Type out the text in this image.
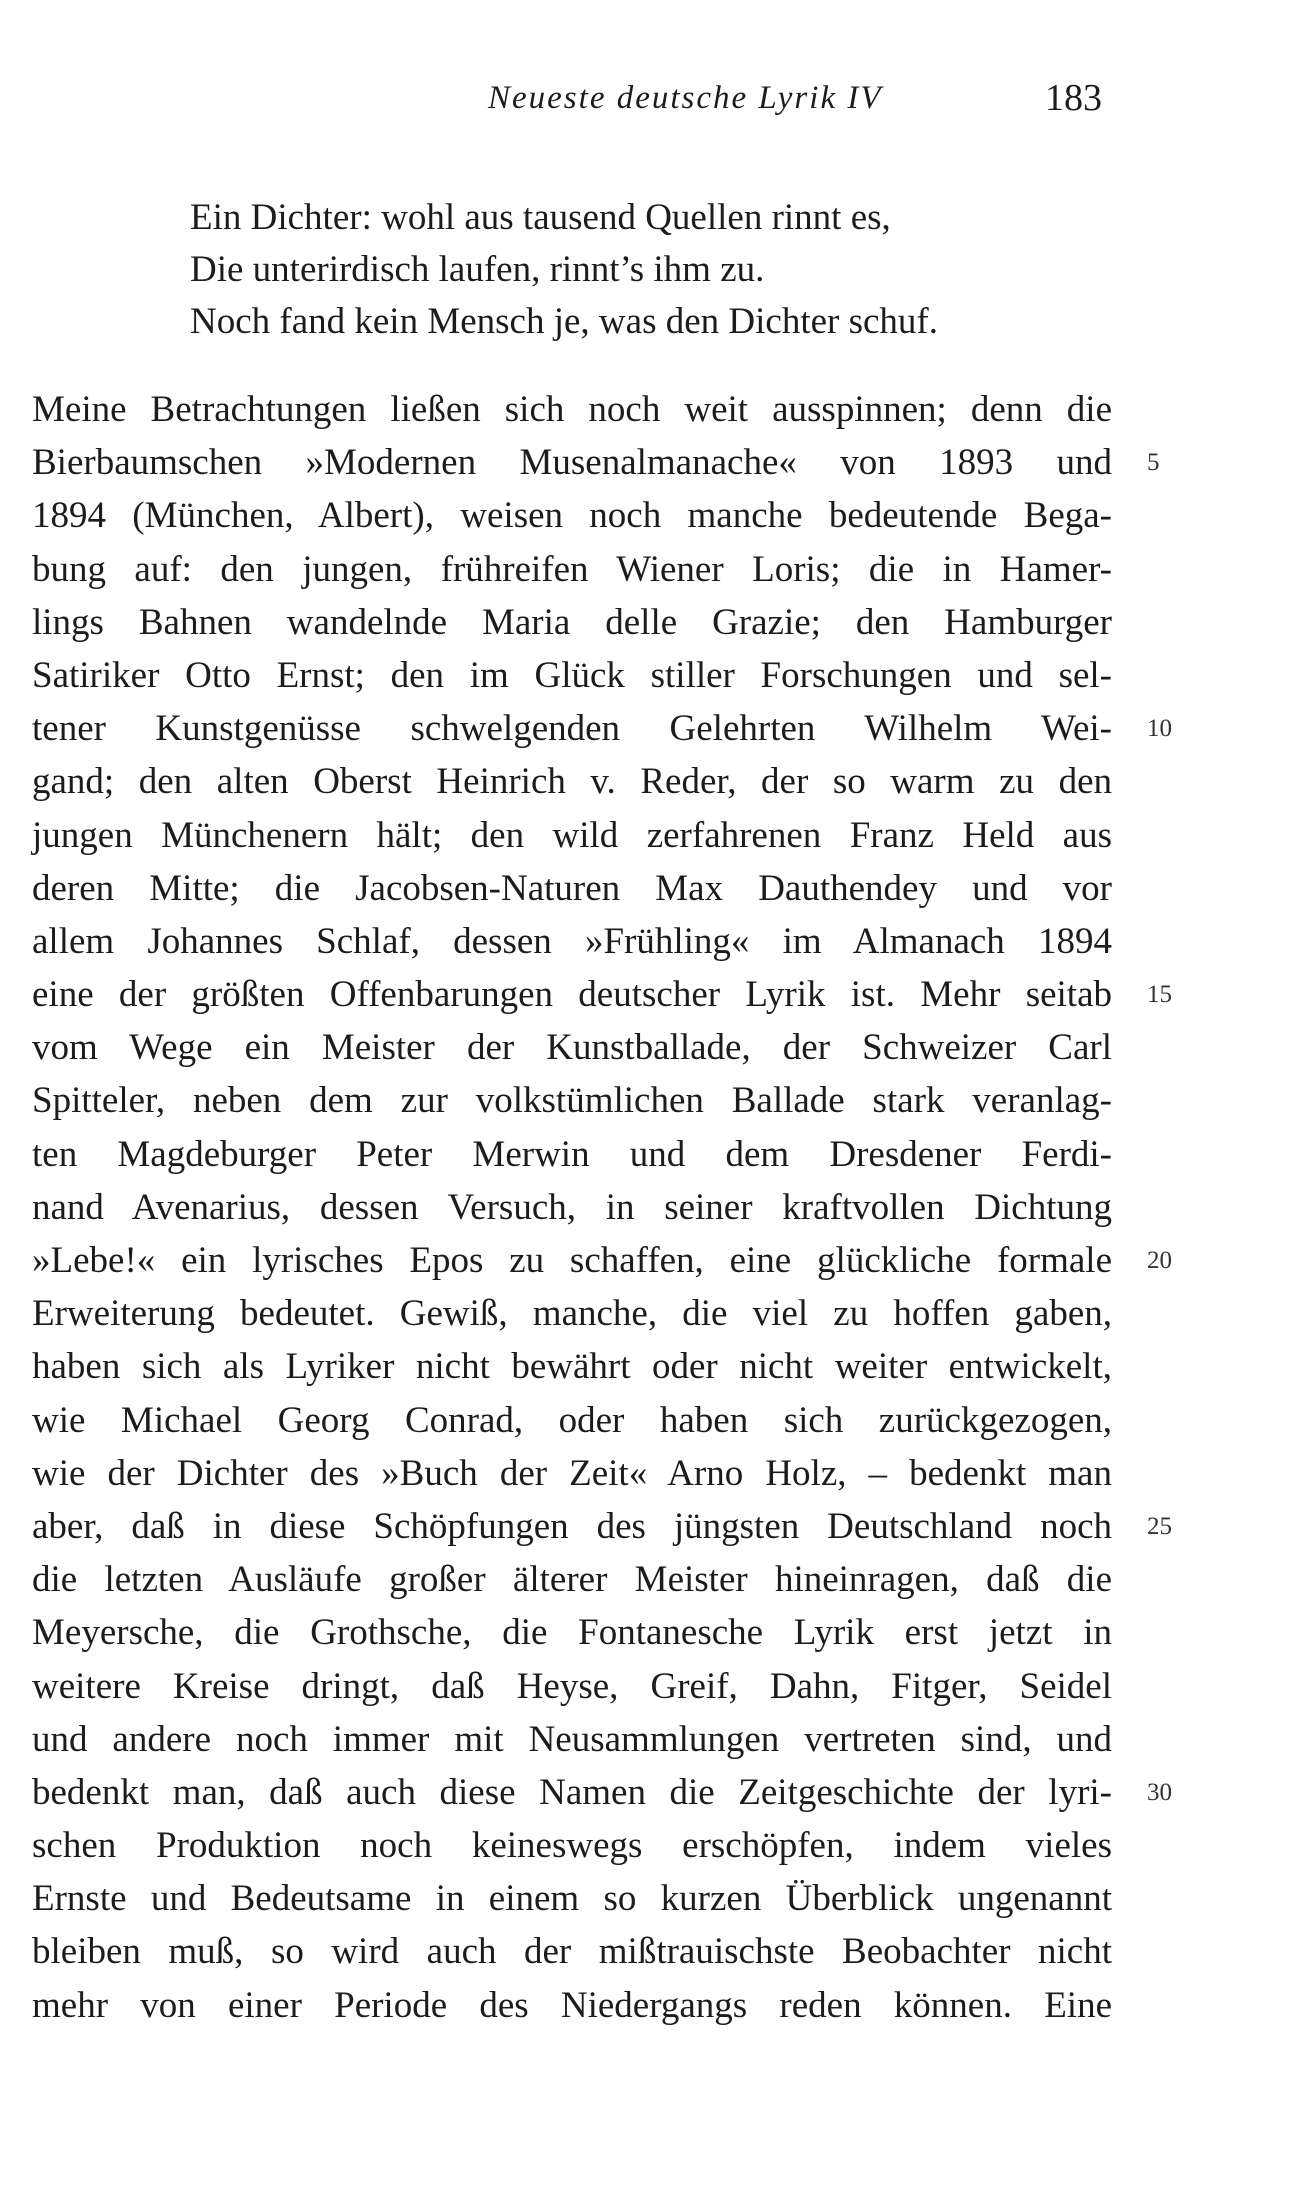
Neueste deutsche Lyrik IV	183
Ein Dichter: wohl aus tausend Quellen rinnt es,
Die unterirdisch laufen, rinnt’s ihm zu.
Noch fand kein Mensch je, was den Dichter schuf.
Meine Betrachtungen ließen sich noch weit ausspinnen; denn die
Bierbaumschen »Modernen Musenalmanache« von 1893 und 5
1894 (München, Albert), weisen noch manche bedeutende Bega-
bung auf: den jungen, frühreifen Wiener Loris; die in Hamer-
lings Bahnen wandelnde Maria delle Grazie; den Hamburger
Satiriker Otto Ernst; den im Glück stiller Forschungen und sel-
tener Kunstgenüsse schwelgenden Gelehrten Wilhelm Wei- 10
gand; den alten Oberst Heinrich v. Reder, der so warm zu den
jungen Münchenern hält; den wild zerfahrenen Franz Held aus
deren Mitte; die Jacobsen-Naturen Max Dauthendey und vor
allem Johannes Schlaf, dessen »Frühling« im Almanach 1894
eine der größten Offenbarungen deutscher Lyrik ist. Mehr seitab 15
vom Wege ein Meister der Kunstballade, der Schweizer Carl
Spitteler, neben dem zur volkstümlichen Ballade stark veranlag-
ten Magdeburger Peter Merwin und dem Dresdener Ferdi-
nand Avenarius, dessen Versuch, in seiner kraftvollen Dichtung
»Lebe!« ein lyrisches Epos zu schaffen, eine glückliche formale 20
Erweiterung bedeutet. Gewiß, manche, die viel zu hoffen gaben,
haben sich als Lyriker nicht bewährt oder nicht weiter entwickelt,
wie Michael Georg Conrad, oder haben sich zurückgezogen,
wie der Dichter des »Buch der Zeit« Arno Holz, – bedenkt man
aber, daß in diese Schöpfungen des jüngsten Deutschland noch 25
die letzten Ausläufe großer älterer Meister hineinragen, daß die
Meyersche, die Grothsche, die Fontanesche Lyrik erst jetzt in
weitere Kreise dringt, daß Heyse, Greif, Dahn, Fitger, Seidel
und andere noch immer mit Neusammlungen vertreten sind, und
bedenkt man, daß auch diese Namen die Zeitgeschichte der lyri- 30
schen Produktion noch keineswegs erschöpfen, indem vieles
Ernste und Bedeutsame in einem so kurzen Überblick ungenannt
bleiben muß, so wird auch der mißtrauischste Beobachter nicht
mehr von einer Periode des Niedergangs reden können. Eine
